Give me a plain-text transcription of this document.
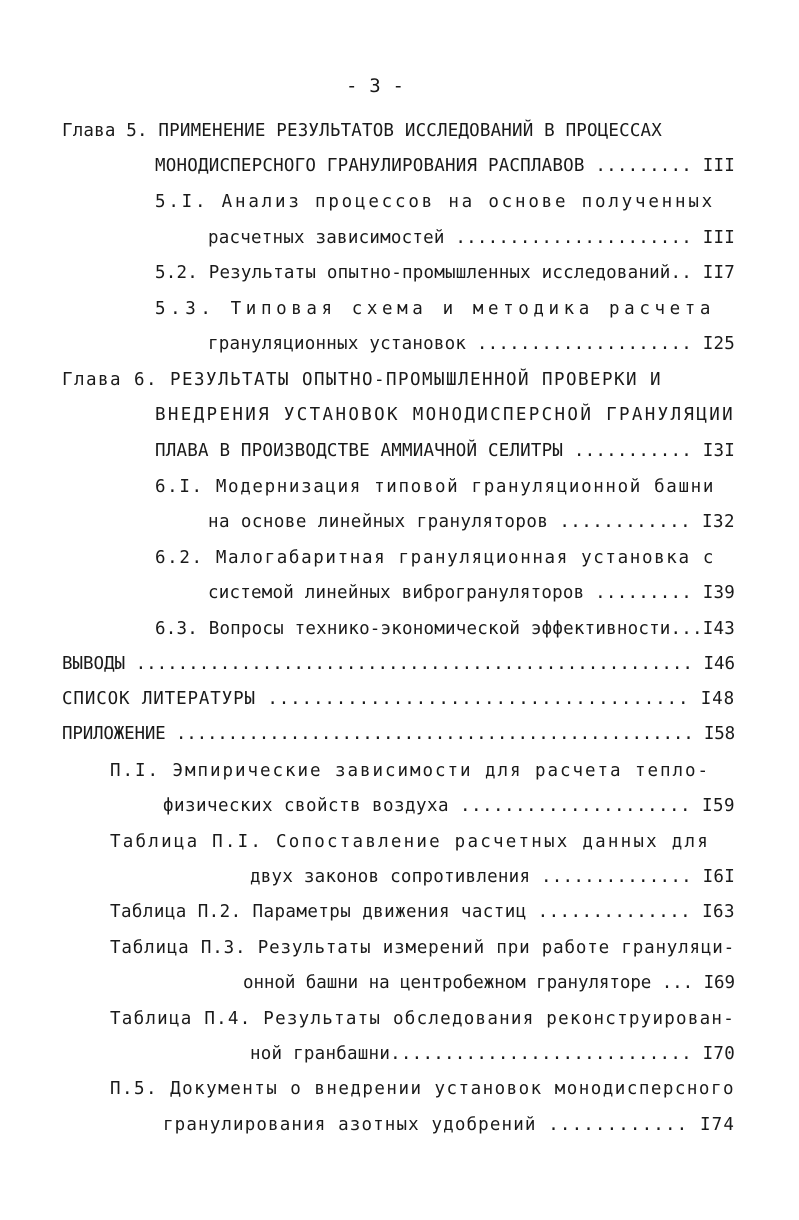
- 3 -
Глава 5. ПРИМЕНЕНИЕ РЕЗУЛЬТАТОВ ИССЛЕДОВАНИЙ В ПРОЦЕССАХ
МОНОДИСПЕРСНОГО ГРАНУЛИРОВАНИЯ РАСПЛАВОВ ......... III
5.I. Анализ процессов на основе полученных
расчетных зависимостей ...................... III
5.2. Результаты опытно-промышленных исследований.. II7
5.3. Типовая схема и методика расчета
грануляционных установок .................... I25
Глава 6. РЕЗУЛЬТАТЫ ОПЫТНО-ПРОМЫШЛЕННОЙ ПРОВЕРКИ И
ВНЕДРЕНИЯ УСТАНОВОК МОНОДИСПЕРСНОЙ ГРАНУЛЯЦИИ
ПЛАВА В ПРОИЗВОДСТВЕ АММИАЧНОЙ СЕЛИТРЫ ........... I3I
6.I. Модернизация типовой грануляционной башни
на основе линейных грануляторов ............ I32
6.2. Малогабаритная грануляционная установка с
системой линейных виброгрануляторов ......... I39
6.3. Вопросы технико-экономической эффективности...I43
ВЫВОДЫ ..................................................... I46
СПИСОК ЛИТЕРАТУРЫ ..................................... I48
ПРИЛОЖЕНИЕ .................................................. I58
П.I. Эмпирические зависимости для расчета тепло-
физических свойств воздуха ..................... I59
Таблица П.I. Сопоставление расчетных данных для
двух законов сопротивления .............. I6I
Таблица П.2. Параметры движения частиц .............. I63
Таблица П.3. Результаты измерений при работе грануляци-
онной башни на центробежном грануляторе ... I69
Таблица П.4. Результаты обследования реконструирован-
ной гранбашни............................ I70
П.5. Документы о внедрении установок монодисперсного
гранулирования азотных удобрений ............ I74
